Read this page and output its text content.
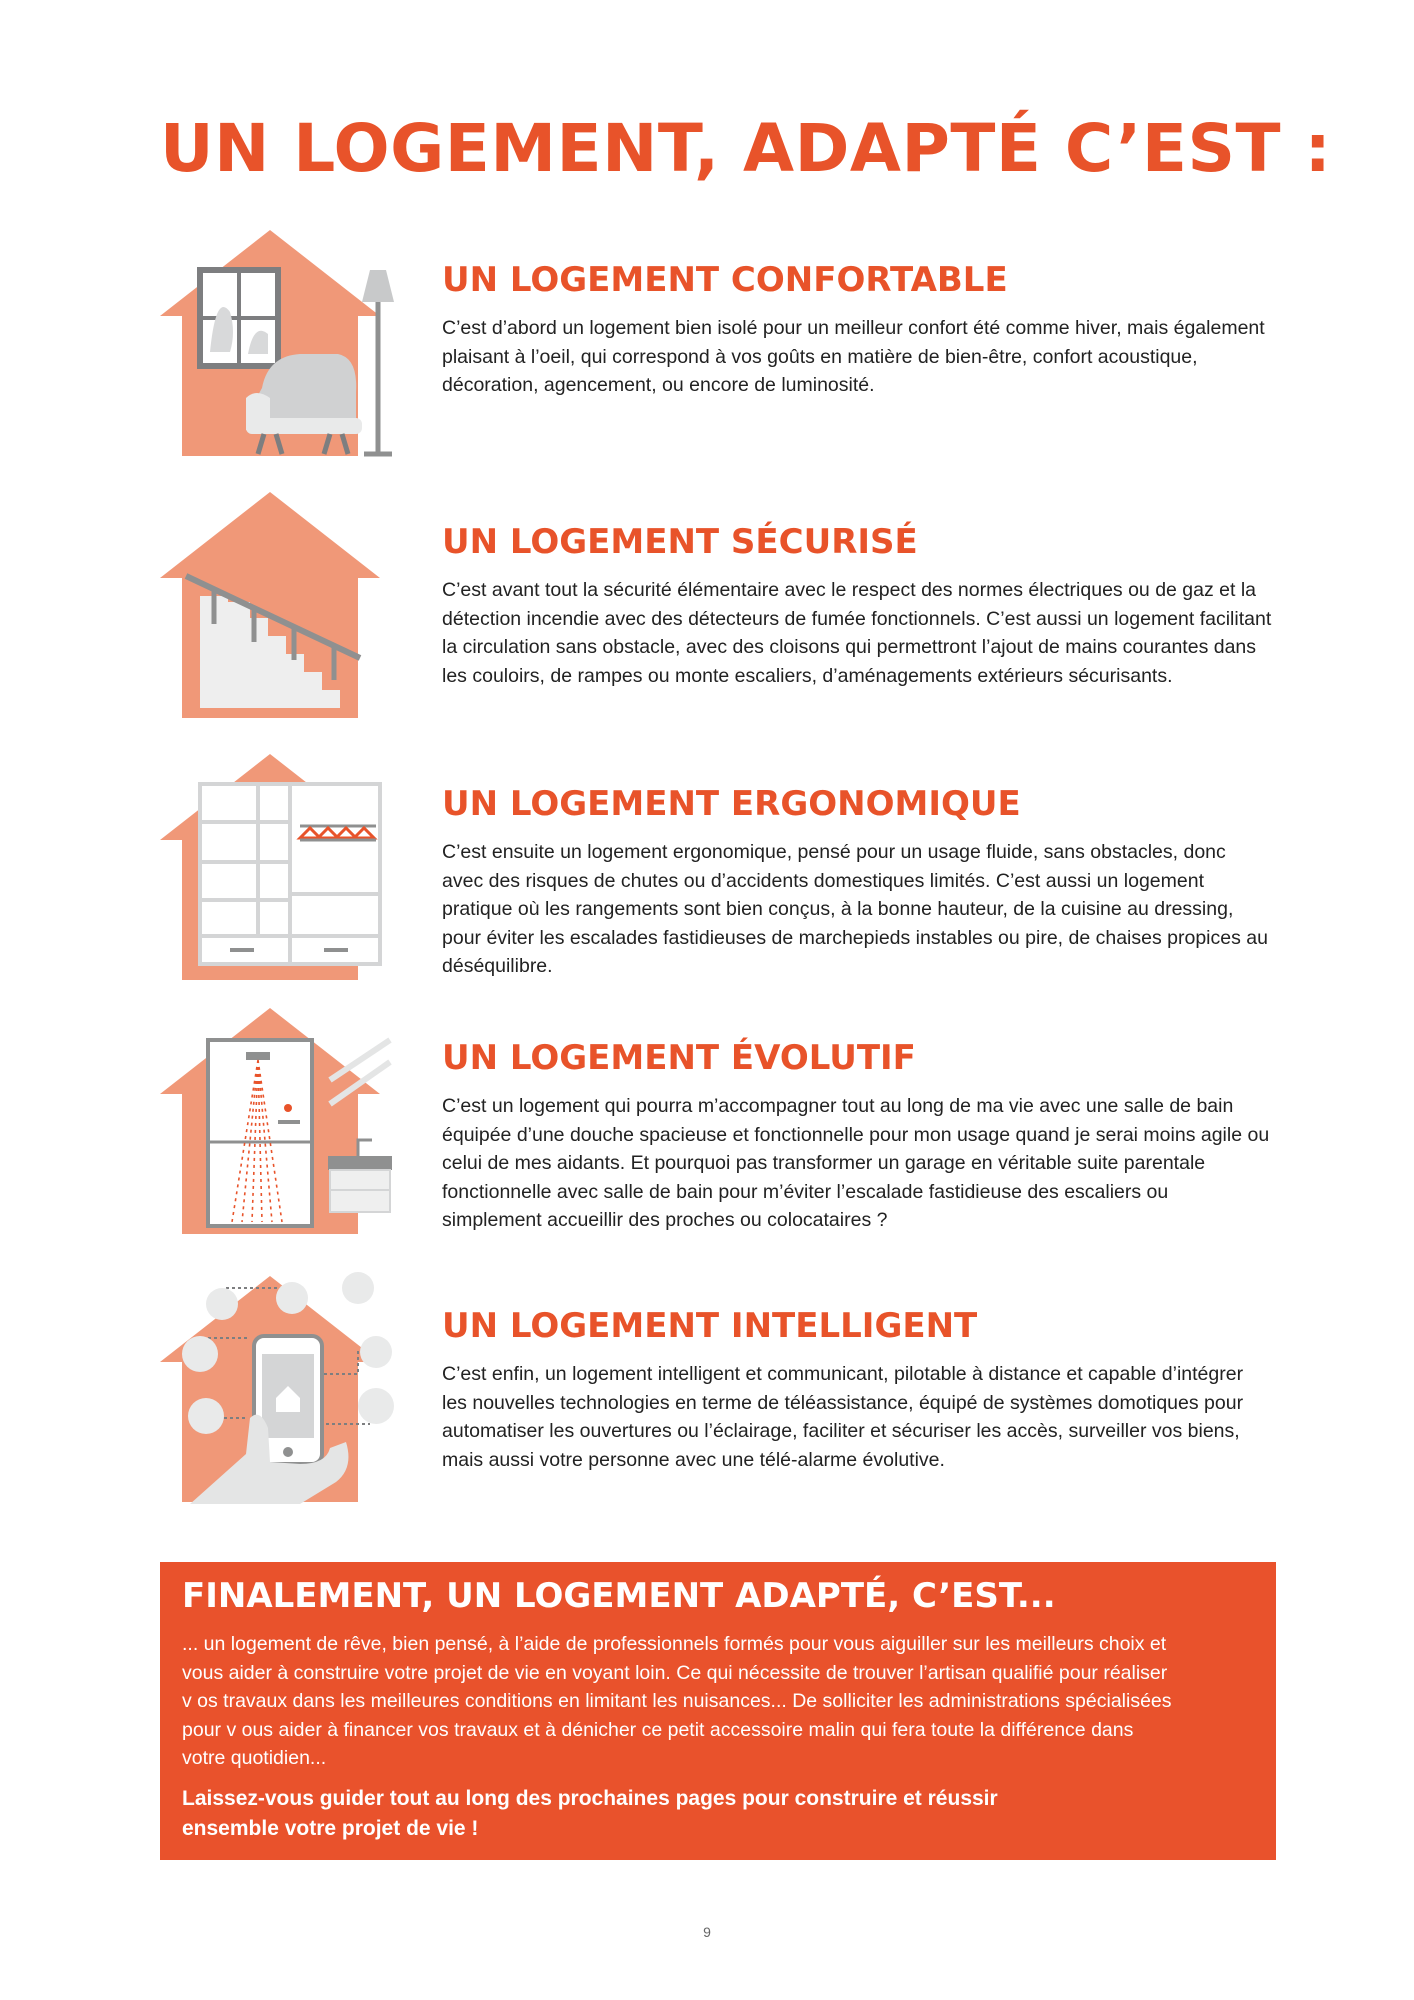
UN LOGEMENT, ADAPTÉ C’EST :
UN LOGEMENT CONFORTABLE

C’est d’abord un logement bien isolé pour un meilleur confort été comme hiver, mais également plaisant à l’oeil, qui correspond à vos goûts en matière de bien-être, confort acoustique, décoration, agencement, ou encore de luminosité.

UN LOGEMENT SÉCURISÉ

C’est avant tout la sécurité élémentaire avec le respect des normes électriques ou de gaz et la détection incendie avec des détecteurs de fumée fonctionnels. C’est aussi un logement facilitant la circulation sans obstacle, avec des cloisons qui permettront l’ajout de mains courantes dans les couloirs, de rampes ou monte escaliers, d’aménagements extérieurs sécurisants.

UN LOGEMENT ERGONOMIQUE

C’est ensuite un logement ergonomique, pensé pour un usage fluide, sans obstacles, donc avec des risques de chutes ou d’accidents domestiques limités. C’est aussi un logement pratique où les rangements sont bien conçus, à la bonne hauteur, de la cuisine au dressing, pour éviter les escalades fastidieuses de marchepieds instables ou pire, de chaises propices au déséquilibre.

UN LOGEMENT ÉVOLUTIF

C’est un logement qui pourra m’accompagner tout au long de ma vie avec une salle de bain équipée d’une douche spacieuse et fonctionnelle pour mon usage quand je serai moins agile ou celui de mes aidants. Et pourquoi pas transformer un garage en véritable suite parentale fonctionnelle avec salle de bain pour m’éviter l’escalade fastidieuse des escaliers ou simplement accueillir des proches ou colocataires ?

UN LOGEMENT INTELLIGENT

C’est enfin, un logement intelligent et communicant, pilotable à distance et capable d’intégrer les nouvelles technologies en terme de téléassistance, équipé de systèmes domotiques pour automatiser les ouvertures ou l’éclairage, faciliter et sécuriser les accès, surveiller vos biens, mais aussi votre personne avec une télé-alarme évolutive.

FINALEMENT, UN LOGEMENT ADAPTÉ, C’EST...

... un logement de rêve, bien pensé, à l’aide de professionnels formés pour vous aiguiller sur les meilleurs choix et vous aider à construire votre projet de vie en voyant loin. Ce qui nécessite de trouver l’artisan qualifié pour réaliser v os travaux dans les meilleures conditions en limitant les nuisances... De solliciter les administrations spécialisées pour v ous aider à financer vos travaux et à dénicher ce petit accessoire malin qui fera toute la différence dans votre quotidien...

Laissez-vous guider tout au long des prochaines pages pour construire et réussir ensemble votre projet de vie !

9
